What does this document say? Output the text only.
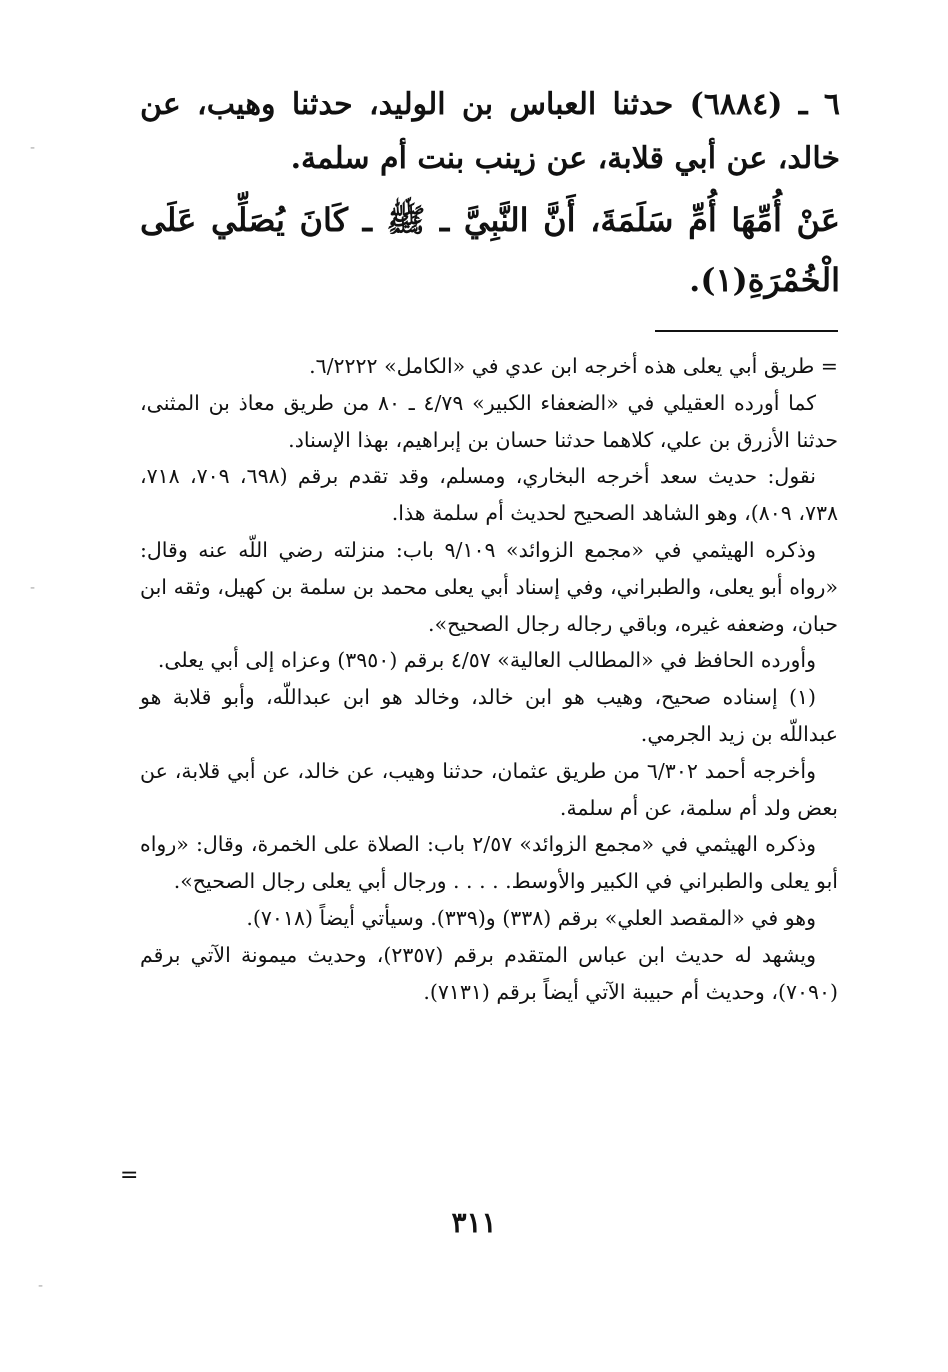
٦ ـ (٦٨٨٤) حدثنا العباس بن الوليد، حدثنا وهيب، عن خالد، عن أبي قلابة، عن زينب بنت أم سلمة.

عَنْ أُمِّهَا أُمِّ سَلَمَةَ، أَنَّ النَّبِيَّ ـ ﷺ ـ كَانَ يُصَلِّي عَلَى الْخُمْرَةِ(١).

= طريق أبي يعلى هذه أخرجه ابن عدي في «الكامل» ٦/٢٢٢٢.

كما أورده العقيلي في «الضعفاء الكبير» ٤/٧٩ ـ ٨٠ من طريق معاذ بن المثنى، حدثنا الأزرق بن علي، كلاهما حدثنا حسان بن إبراهيم، بهذا الإسناد.

نقول: حديث سعد أخرجه البخاري، ومسلم، وقد تقدم برقم (٦٩٨، ٧٠٩، ٧١٨، ٧٣٨، ٨٠٩)، وهو الشاهد الصحيح لحديث أم سلمة هذا.

وذكره الهيثمي في «مجمع الزوائد» ٩/١٠٩ باب: منزلته رضي اللّه عنه وقال: «رواه أبو يعلى، والطبراني، وفي إسناد أبي يعلى محمد بن سلمة بن كهيل، وثقه ابن حبان، وضعفه غيره، وباقي رجاله رجال الصحيح».

وأورده الحافظ في «المطالب العالية» ٤/٥٧ برقم (٣٩٥٠) وعزاه إلى أبي يعلى.

(١) إسناده صحيح، وهيب هو ابن خالد، وخالد هو ابن عبداللّه، وأبو قلابة هو عبداللّه بن زيد الجرمي.

وأخرجه أحمد ٦/٣٠٢ من طريق عثمان، حدثنا وهيب، عن خالد، عن أبي قلابة، عن بعض ولد أم سلمة، عن أم سلمة.

وذكره الهيثمي في «مجمع الزوائد» ٢/٥٧ باب: الصلاة على الخمرة، وقال: «رواه أبو يعلى والطبراني في الكبير والأوسط. . . . . ورجال أبي يعلى رجال الصحيح».

وهو في «المقصد العلي» برقم (٣٣٨) و(٣٣٩). وسيأتي أيضاً (٧٠١٨).

ويشهد له حديث ابن عباس المتقدم برقم (٢٣٥٧)، وحديث ميمونة الآتي برقم (٧٠٩٠)، وحديث أم حبيبة الآتي أيضاً برقم (٧١٣١).

=
٣١١
-
-
-
